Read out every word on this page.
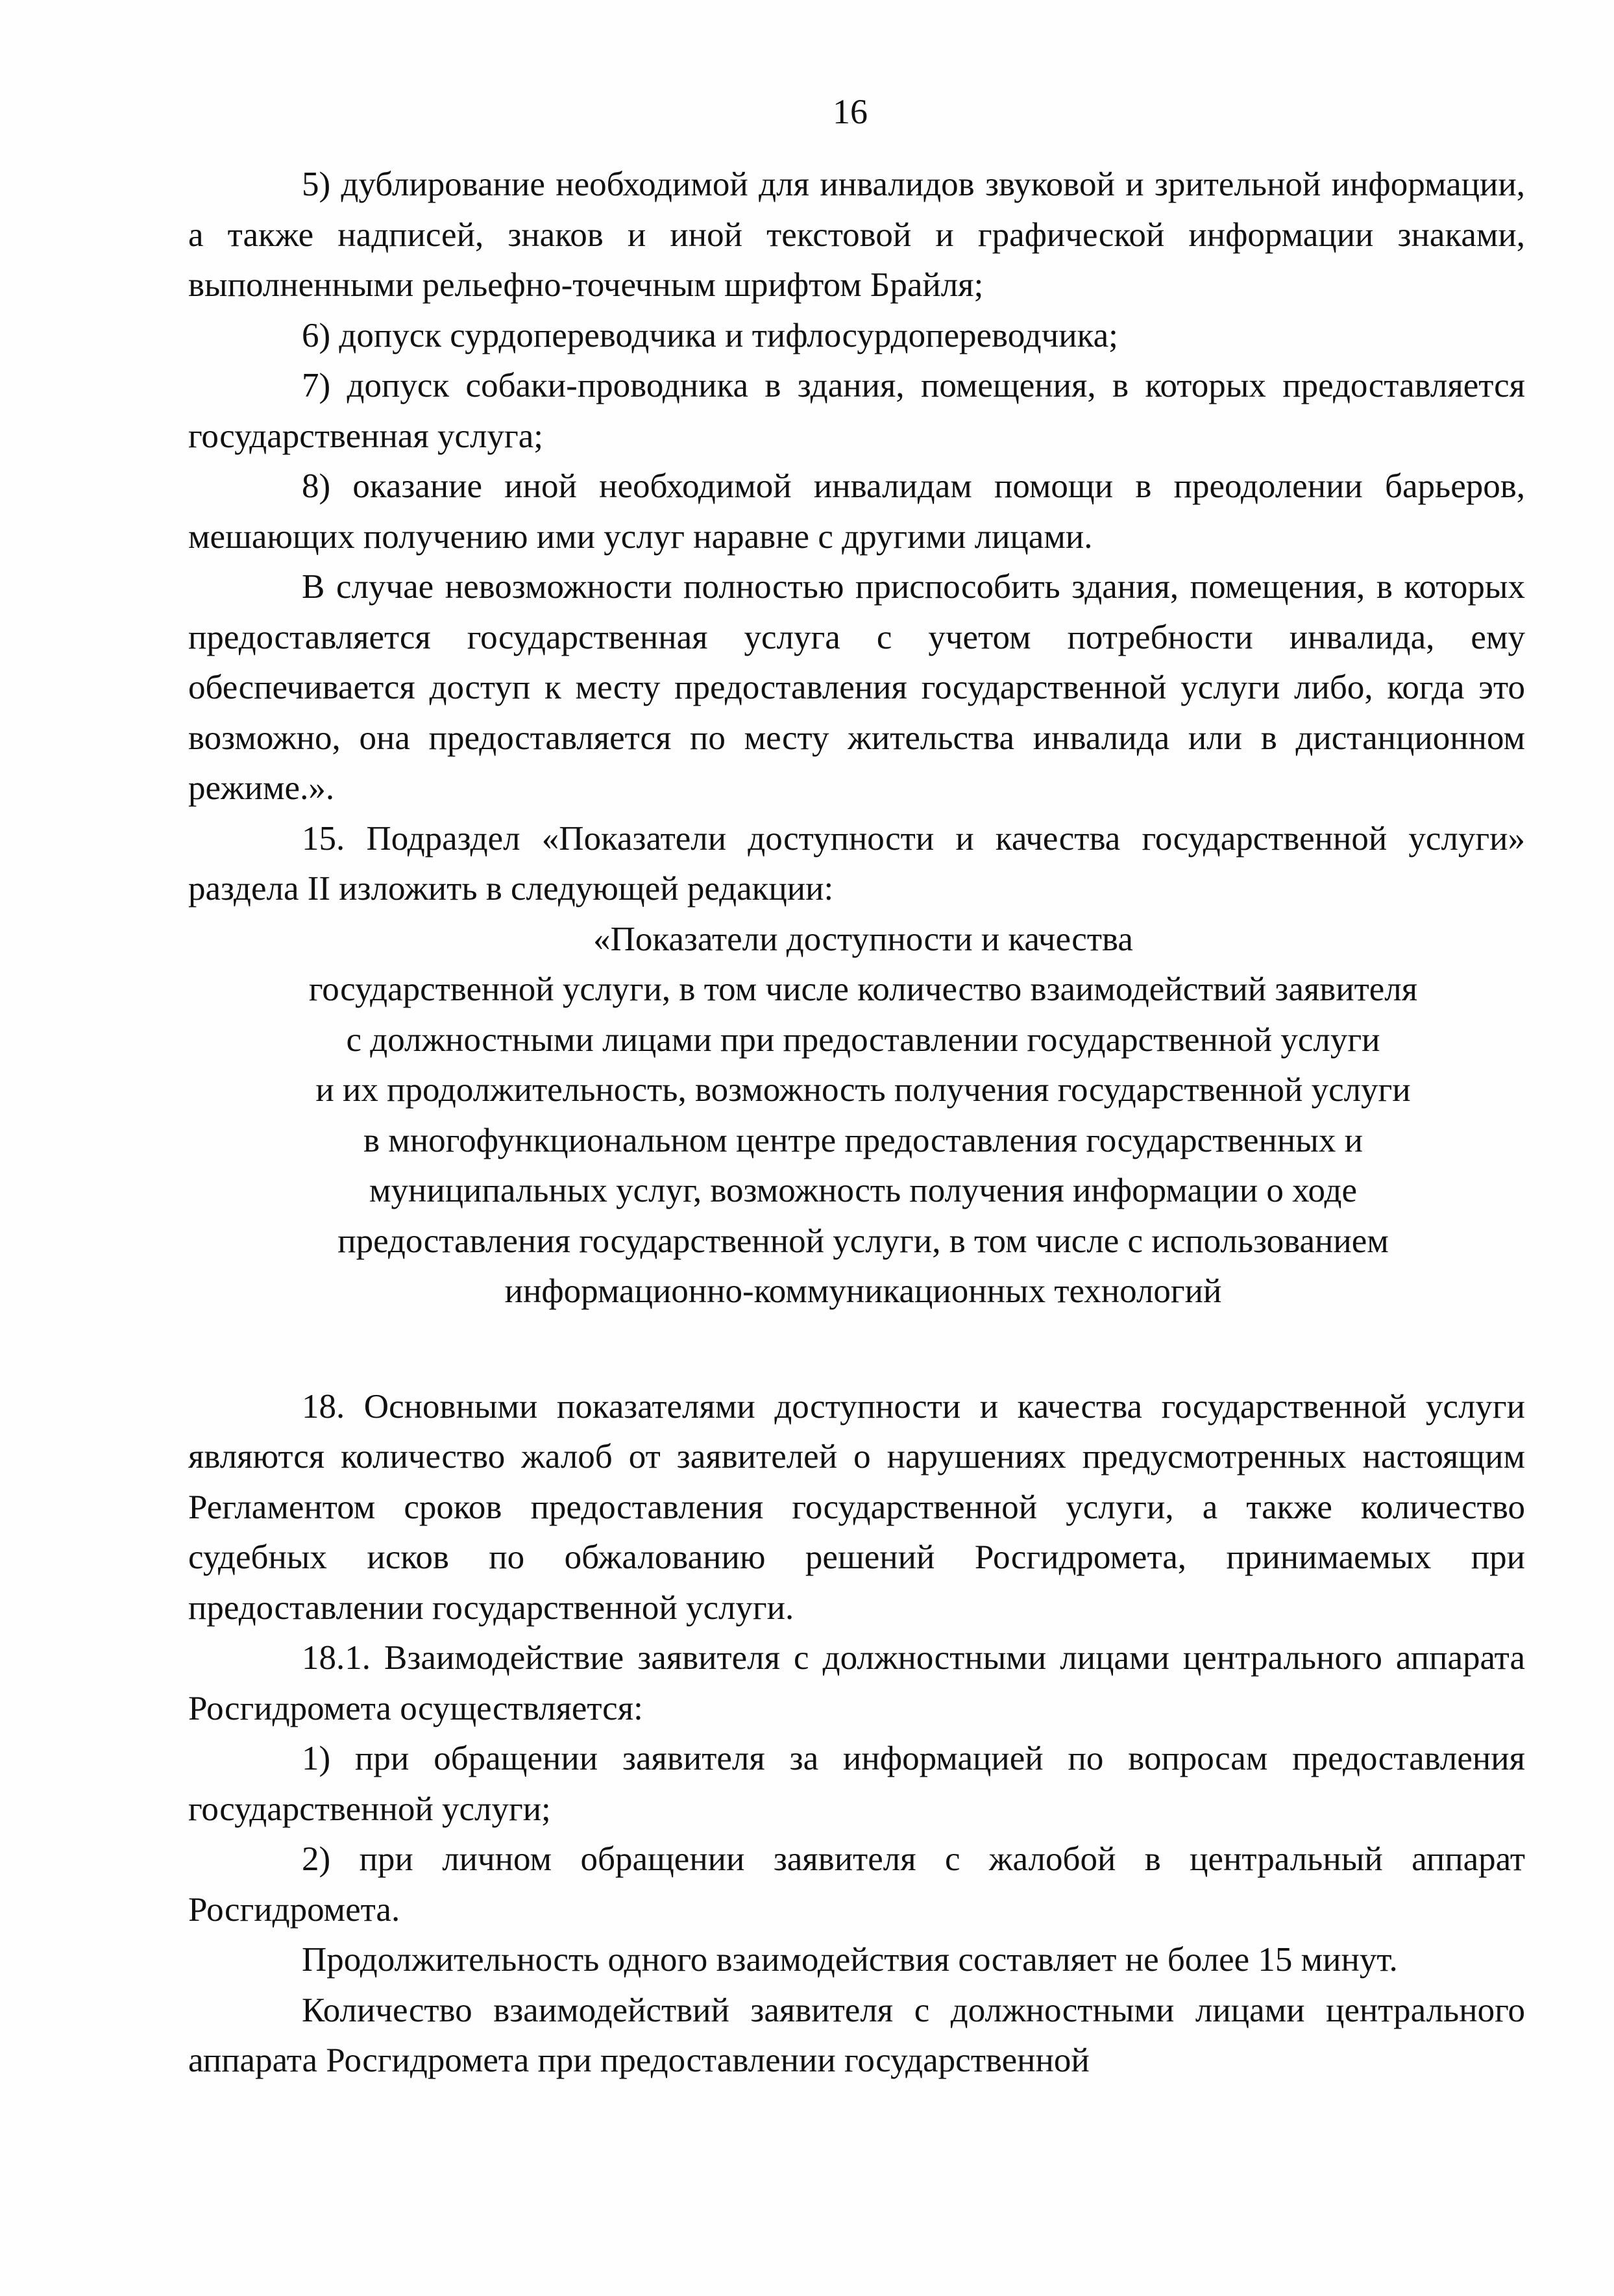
16

5) дублирование необходимой для инвалидов звуковой и зрительной информации, а также надписей, знаков и иной текстовой и графической информации знаками, выполненными рельефно-точечным шрифтом Брайля;

6) допуск сурдопереводчика и тифлосурдопереводчика;

7) допуск собаки-проводника в здания, помещения, в которых предоставляется государственная услуга;

8) оказание иной необходимой инвалидам помощи в преодолении барьеров, мешающих получению ими услуг наравне с другими лицами.

В случае невозможности полностью приспособить здания, помещения, в которых предоставляется государственная услуга с учетом потребности инвалида, ему обеспечивается доступ к месту предоставления государственной услуги либо, когда это возможно, она предоставляется по месту жительства инвалида или в дистанционном режиме.».

15. Подраздел «Показатели доступности и качества государственной услуги» раздела II изложить в следующей редакции:

«Показатели доступности и качества

государственной услуги, в том числе количество взаимодействий заявителя

с должностными лицами при предоставлении государственной услуги

и их продолжительность, возможность получения государственной услуги

в многофункциональном центре предоставления государственных и

муниципальных услуг, возможность получения информации о ходе

предоставления государственной услуги, в том числе с использованием

информационно-коммуникационных технологий

18. Основными показателями доступности и качества государственной услуги являются количество жалоб от заявителей о нарушениях предусмотренных настоящим Регламентом сроков предоставления государственной услуги, а также количество судебных исков по обжалованию решений Росгидромета, принимаемых при предоставлении государственной услуги.

18.1. Взаимодействие заявителя с должностными лицами центрального аппарата Росгидромета осуществляется:

1) при обращении заявителя за информацией по вопросам предоставления государственной услуги;

2) при личном обращении заявителя с жалобой в центральный аппарат Росгидромета.

Продолжительность одного взаимодействия составляет не более 15 минут.

Количество взаимодействий заявителя с должностными лицами центрального аппарата Росгидромета при предоставлении государственной
